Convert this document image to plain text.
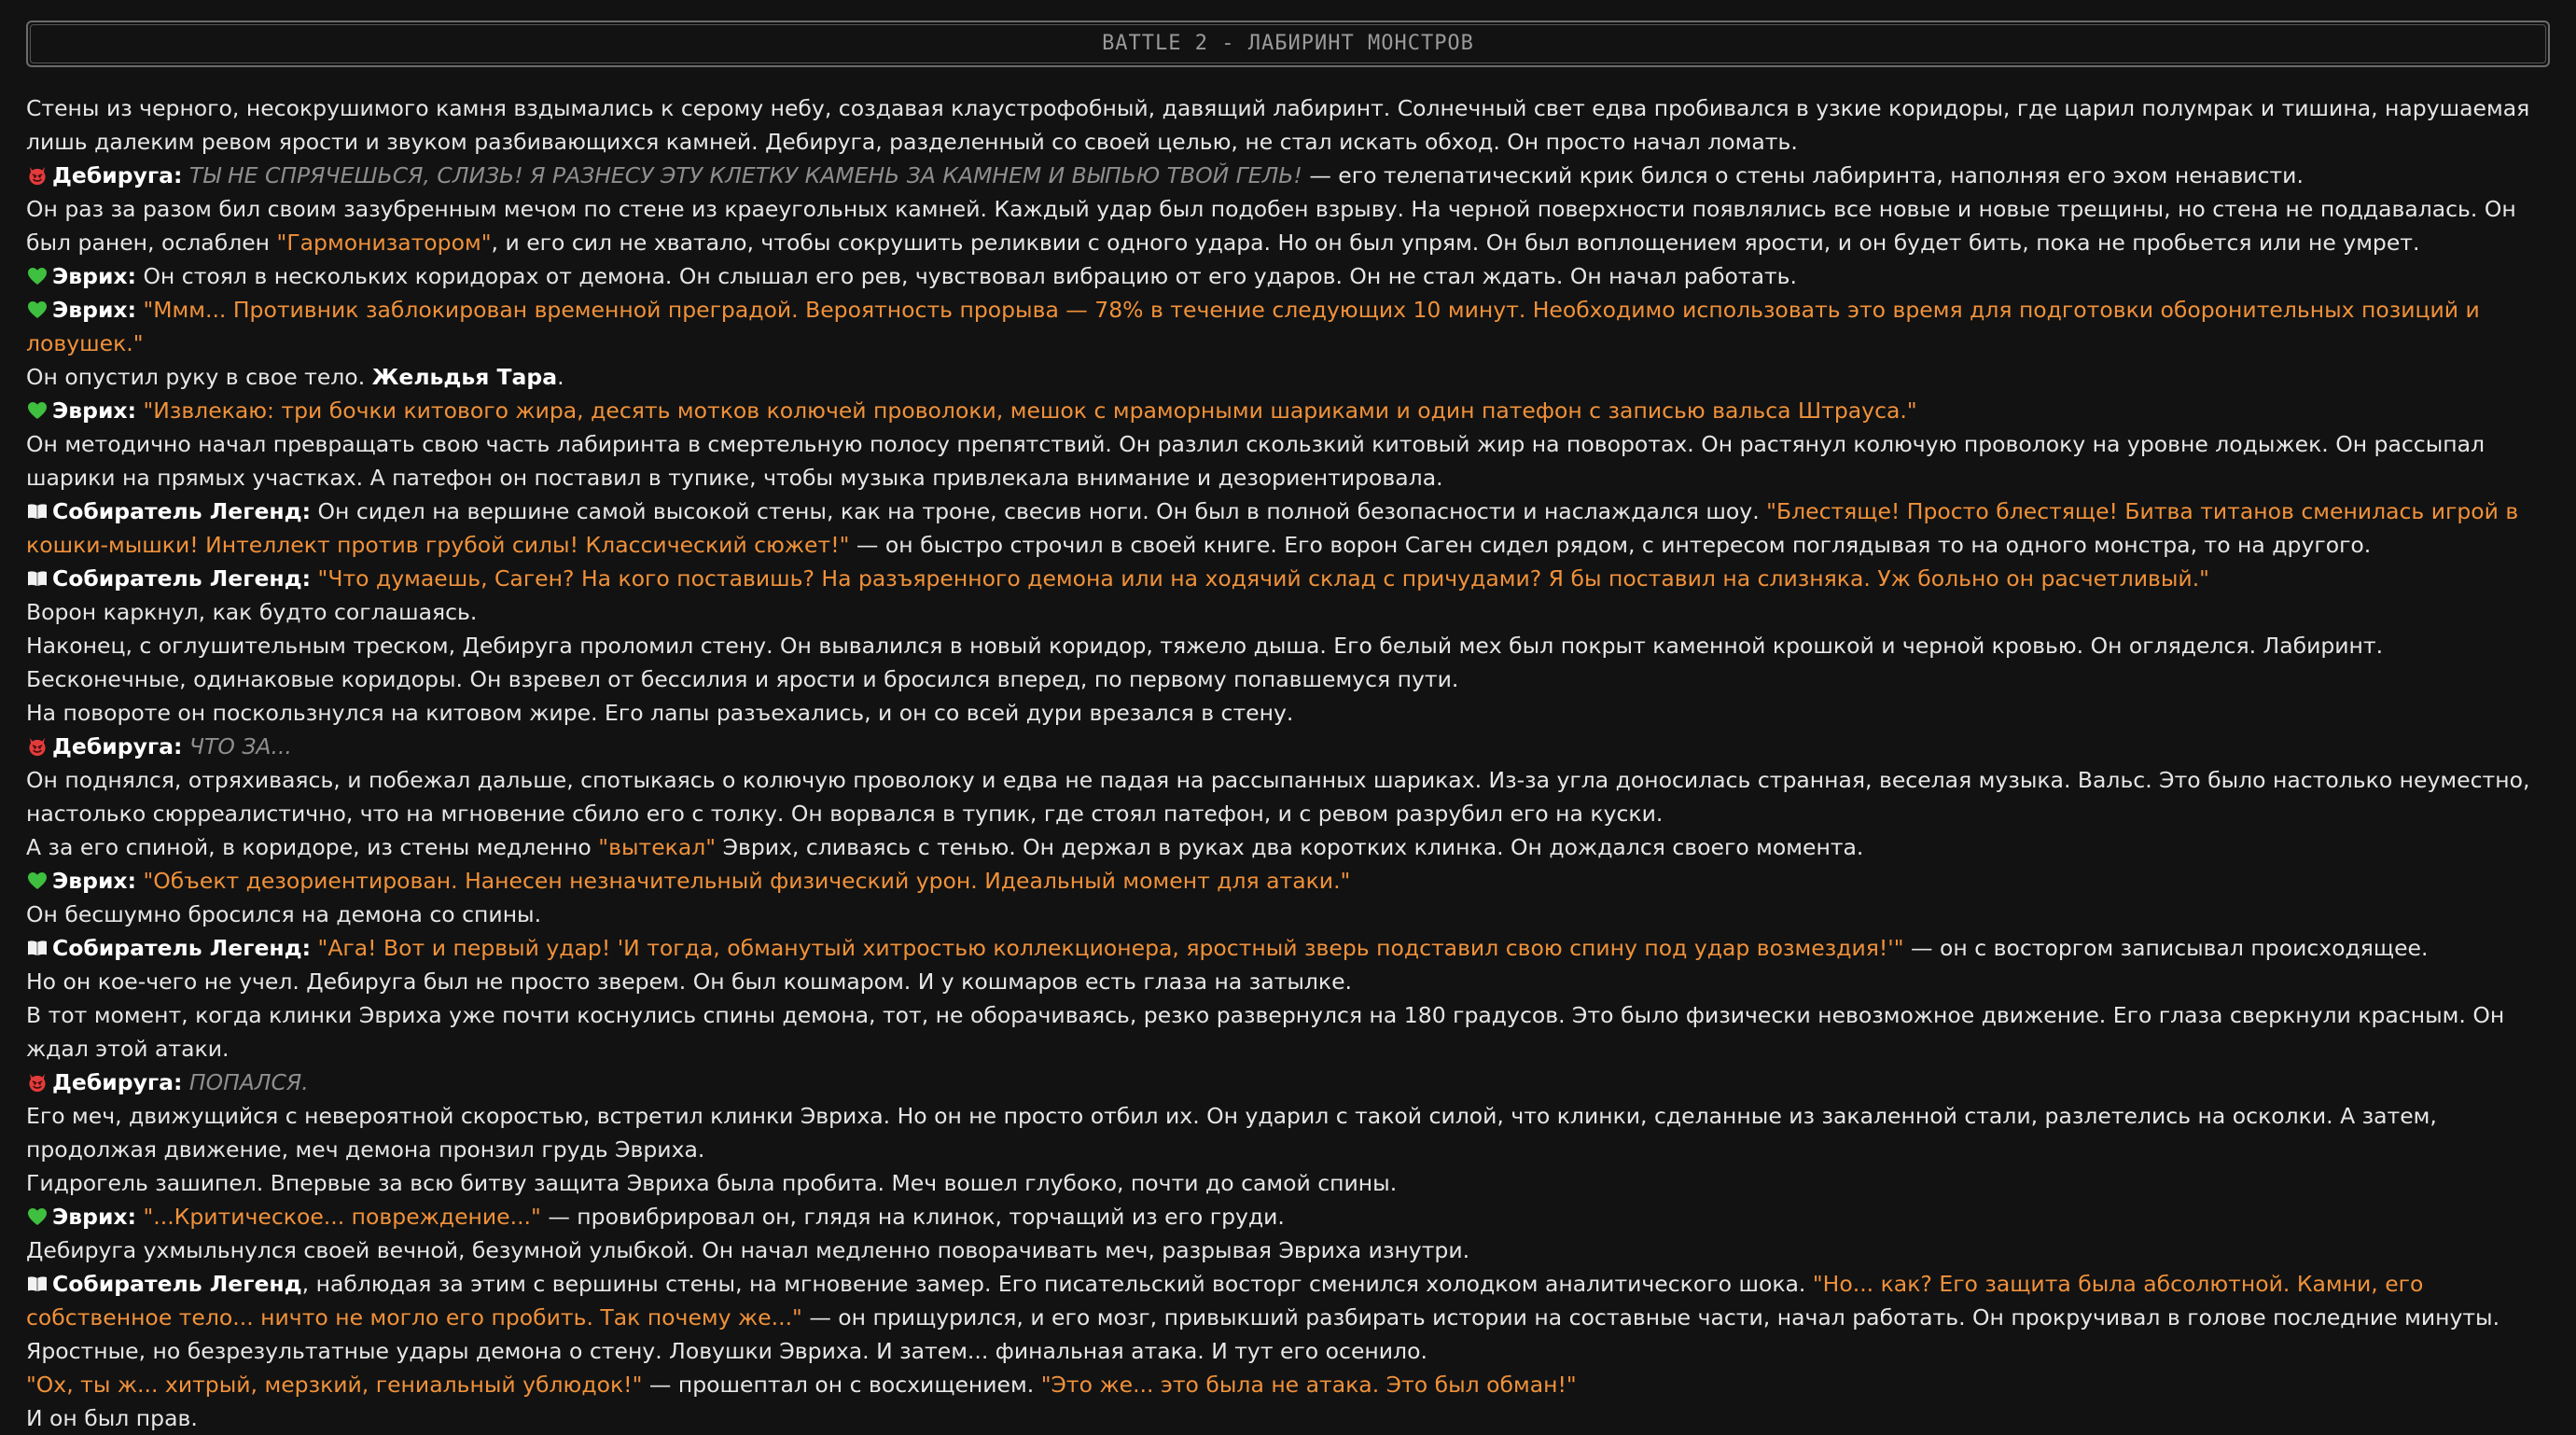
BATTLE 2 - ЛАБИРИНТ МОНСТРОВ
Стены из черного, несокрушимого камня вздымались к серому небу, создавая клаустрофобный, давящий лабиринт. Солнечный свет едва пробивался в узкие коридоры, где царил полумрак и тишина, нарушаемая лишь далеким ревом ярости и звуком разбивающихся камней. Дебируга, разделенный со своей целью, не стал искать обход. Он просто начал ломать.
Дебируга: ТЫ НЕ СПРЯЧЕШЬСЯ, СЛИЗЬ! Я РАЗНЕСУ ЭТУ КЛЕТКУ КАМЕНЬ ЗА КАМНЕМ И ВЫПЬЮ ТВОЙ ГЕЛЬ! — его телепатический крик бился о стены лабиринта, наполняя его эхом ненависти.
Он раз за разом бил своим зазубренным мечом по стене из краеугольных камней. Каждый удар был подобен взрыву. На черной поверхности появлялись все новые и новые трещины, но стена не поддавалась. Он был ранен, ослаблен "Гармонизатором", и его сил не хватало, чтобы сокрушить реликвии с одного удара. Но он был упрям. Он был воплощением ярости, и он будет бить, пока не пробьется или не умрет.
Эврих: Он стоял в нескольких коридорах от демона. Он слышал его рев, чувствовал вибрацию от его ударов. Он не стал ждать. Он начал работать.
Эврих: "Ммм... Противник заблокирован временной преградой. Вероятность прорыва — 78% в течение следующих 10 минут. Необходимо использовать это время для подготовки оборонительных позиций и ловушек."
Он опустил руку в свое тело. Жельдья Тара.
Эврих: "Извлекаю: три бочки китового жира, десять мотков колючей проволоки, мешок с мраморными шариками и один патефон с записью вальса Штрауса."
Он методично начал превращать свою часть лабиринта в смертельную полосу препятствий. Он разлил скользкий китовый жир на поворотах. Он растянул колючую проволоку на уровне лодыжек. Он рассыпал шарики на прямых участках. А патефон он поставил в тупике, чтобы музыка привлекала внимание и дезориентировала.
Собиратель Легенд: Он сидел на вершине самой высокой стены, как на троне, свесив ноги. Он был в полной безопасности и наслаждался шоу. "Блестяще! Просто блестяще! Битва титанов сменилась игрой в кошки-мышки! Интеллект против грубой силы! Классический сюжет!" — он быстро строчил в своей книге. Его ворон Саген сидел рядом, с интересом поглядывая то на одного монстра, то на другого.
Собиратель Легенд: "Что думаешь, Саген? На кого поставишь? На разъяренного демона или на ходячий склад с причудами? Я бы поставил на слизняка. Уж больно он расчетливый."
Ворон каркнул, как будто соглашаясь.
Наконец, с оглушительным треском, Дебируга проломил стену. Он вывалился в новый коридор, тяжело дыша. Его белый мех был покрыт каменной крошкой и черной кровью. Он огляделся. Лабиринт. Бесконечные, одинаковые коридоры. Он взревел от бессилия и ярости и бросился вперед, по первому попавшемуся пути.
На повороте он поскользнулся на китовом жире. Его лапы разъехались, и он со всей дури врезался в стену.
Дебируга: ЧТО ЗА...
Он поднялся, отряхиваясь, и побежал дальше, спотыкаясь о колючую проволоку и едва не падая на рассыпанных шариках. Из-за угла доносилась странная, веселая музыка. Вальс. Это было настолько неуместно, настолько сюрреалистично, что на мгновение сбило его с толку. Он ворвался в тупик, где стоял патефон, и с ревом разрубил его на куски.
А за его спиной, в коридоре, из стены медленно "вытекал" Эврих, сливаясь с тенью. Он держал в руках два коротких клинка. Он дождался своего момента.
Эврих: "Объект дезориентирован. Нанесен незначительный физический урон. Идеальный момент для атаки."
Он бесшумно бросился на демона со спины.
Собиратель Легенд: "Ага! Вот и первый удар! 'И тогда, обманутый хитростью коллекционера, яростный зверь подставил свою спину под удар возмездия!'" — он с восторгом записывал происходящее.
Но он кое-чего не учел. Дебируга был не просто зверем. Он был кошмаром. И у кошмаров есть глаза на затылке.
В тот момент, когда клинки Эвриха уже почти коснулись спины демона, тот, не оборачиваясь, резко развернулся на 180 градусов. Это было физически невозможное движение. Его глаза сверкнули красным. Он ждал этой атаки.
Дебируга: ПОПАЛСЯ.
Его меч, движущийся с невероятной скоростью, встретил клинки Эвриха. Но он не просто отбил их. Он ударил с такой силой, что клинки, сделанные из закаленной стали, разлетелись на осколки. А затем, продолжая движение, меч демона пронзил грудь Эвриха.
Гидрогель зашипел. Впервые за всю битву защита Эвриха была пробита. Меч вошел глубоко, почти до самой спины.
Эврих: "...Критическое... повреждение..." — провибрировал он, глядя на клинок, торчащий из его груди.
Дебируга ухмыльнулся своей вечной, безумной улыбкой. Он начал медленно поворачивать меч, разрывая Эвриха изнутри.
Собиратель Легенд, наблюдая за этим с вершины стены, на мгновение замер. Его писательский восторг сменился холодком аналитического шока. "Но... как? Его защита была абсолютной. Камни, его собственное тело... ничто не могло его пробить. Так почему же..." — он прищурился, и его мозг, привыкший разбирать истории на составные части, начал работать. Он прокручивал в голове последние минуты. Яростные, но безрезультатные удары демона о стену. Ловушки Эвриха. И затем... финальная атака. И тут его осенило.
"Ох, ты ж... хитрый, мерзкий, гениальный ублюдок!" — прошептал он с восхищением. "Это же... это была не атака. Это был обман!"
И он был прав.
